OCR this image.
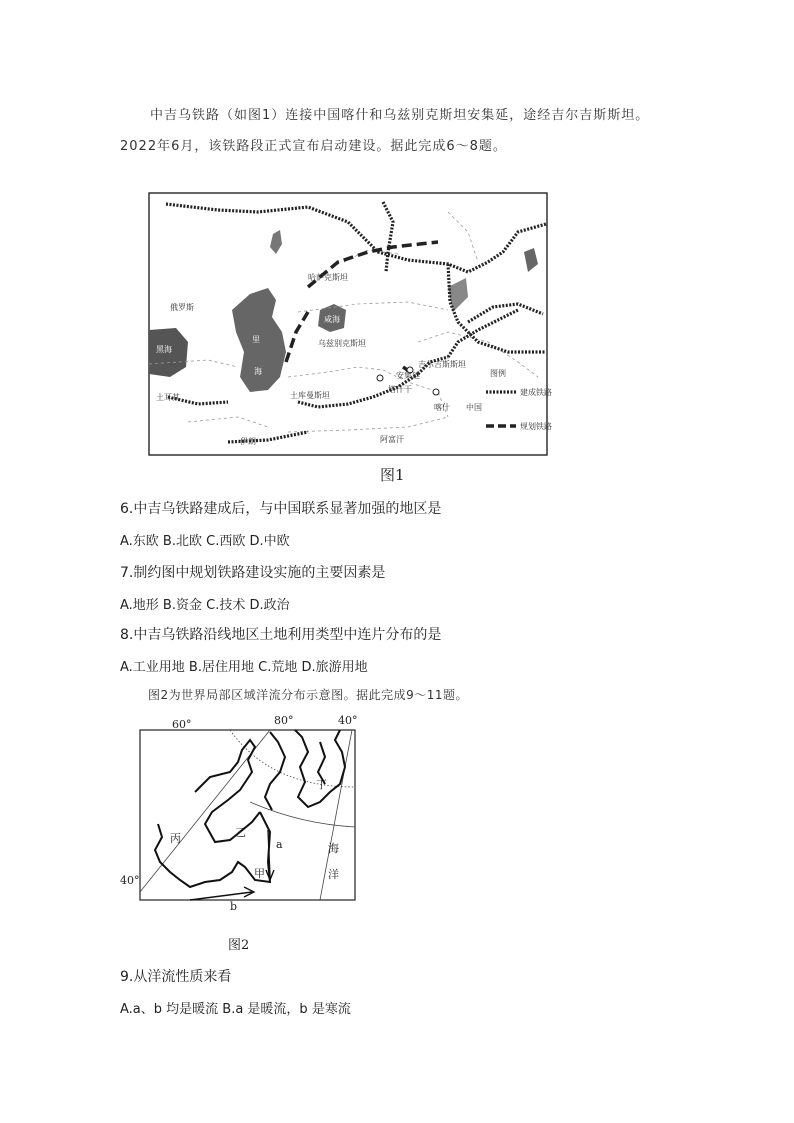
中吉乌铁路（如图1）连接中国喀什和乌兹别克斯坦安集延，途经吉尔吉斯斯坦。2022年6月，该铁路段正式宣布启动建设。据此完成6～8题。

俄罗斯
哈萨克斯坦
乌兹别克斯坦
吉尔吉斯斯坦
土库曼斯坦
土耳其
伊朗	阿富汗
中国
里
海
黑海
咸海
安集延
塔什干
喀什
图例
建成铁路
规划铁路
图1

6.中吉乌铁路建成后，与中国联系显著加强的地区是

A.东欧 B.北欧 C.西欧 D.中欧

7.制约图中规划铁路建设实施的主要因素是

A.地形 B.资金 C.技术 D.政治

8.中吉乌铁路沿线地区土地利用类型中连片分布的是

A.工业用地 B.居住用地 C.荒地 D.旅游用地

图2为世界局部区域洋流分布示意图。据此完成9～11题。

60°	80°	40°
40°
丁
乙
丙
甲
a
b
海
洋
图2

9.从洋流性质来看

A.a、b 均是暖流 B.a 是暖流，b 是寒流
